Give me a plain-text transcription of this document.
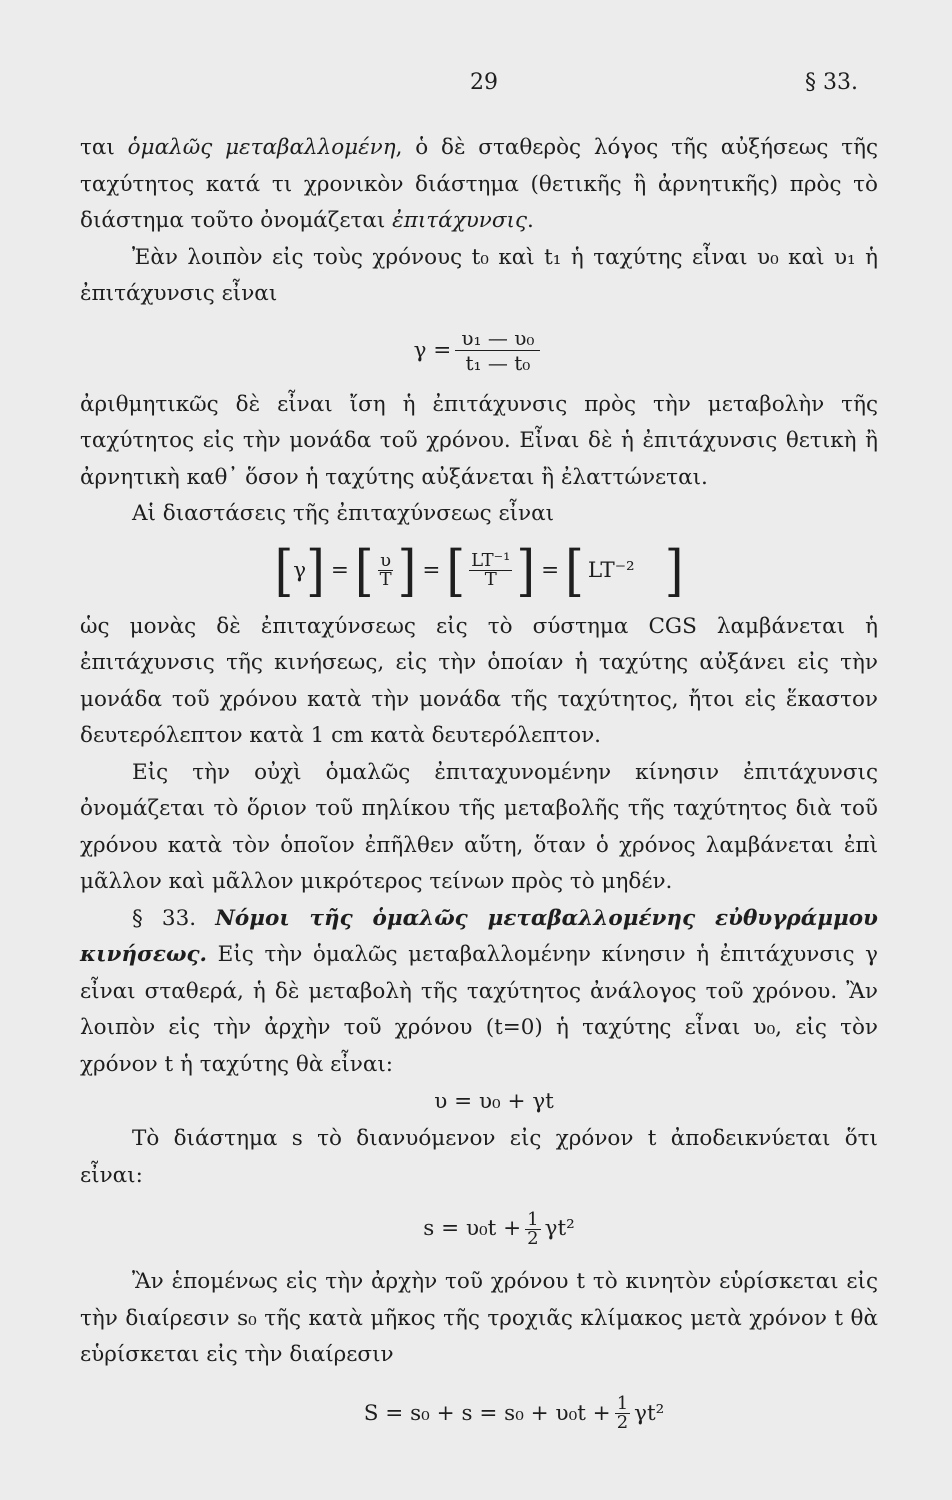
29	§ 33.

ται ὁμαλῶς μεταβαλλομένη, ὁ δὲ σταθερὸς λόγος τῆς αὐξήσεως τῆς ταχύτητος κατά τι χρονικὸν διάστημα (θετικῆς ἢ ἀρνητικῆς) πρὸς τὸ διάστημα τοῦτο ὀνομάζεται ἐπιτάχυνσις.

Ἐὰν λοιπὸν εἰς τοὺς χρόνους t₀ καὶ t₁ ἡ ταχύτης εἶναι υ₀ καὶ υ₁ ἡ ἐπιτάχυνσις εἶναι

$\gamma = \frac{\text{υ₁ — υ₀}}{\text{t₁ — t₀}}$

ἀριθμητικῶς δὲ εἶναι ἴση ἡ ἐπιτάχυνσις πρὸς τὴν μεταβολὴν τῆς ταχύτητος εἰς τὴν μονάδα τοῦ χρόνου. Εἶναι δὲ ἡ ἐπιτάχυνσις θετικὴ ἢ ἀρνητικὴ καθ᾽ ὅσον ἡ ταχύτης αὐξάνεται ἢ ἐλαττώνεται.

Αἱ διαστάσεις τῆς ἐπιταχύνσεως εἶναι

[ γ ] = [ $\frac{\upsilon}{T}$ ] = [ $\frac{\text{LT⁻¹}}{T}$ ] = [ LT⁻² ]

ὡς μονὰς δὲ ἐπιταχύνσεως εἰς τὸ σύστημα CGS λαμβάνεται ἡ ἐπιτάχυνσις τῆς κινήσεως, εἰς τὴν ὁποίαν ἡ ταχύτης αὐξάνει εἰς τὴν μονάδα τοῦ χρόνου κατὰ τὴν μονάδα τῆς ταχύτητος, ἤτοι εἰς ἕκαστον δευτερόλεπτον κατὰ 1 cm κατὰ δευτερόλεπτον.

Εἰς τὴν οὐχὶ ὁμαλῶς ἐπιταχυνομένην κίνησιν ἐπιτάχυνσις ὀνομάζεται τὸ ὅριον τοῦ πηλίκου τῆς μεταβολῆς τῆς ταχύτητος διὰ τοῦ χρόνου κατὰ τὸν ὁποῖον ἐπῆλθεν αὕτη, ὅταν ὁ χρόνος λαμβάνεται ἐπὶ μᾶλλον καὶ μᾶλλον μικρότερος τείνων πρὸς τὸ μηδέν.

§ 33. Νόμοι τῆς ὁμαλῶς μεταβαλλομένης εὐθυγράμμου κινήσεως. Εἰς τὴν ὁμαλῶς μεταβαλλομένην κίνησιν ἡ ἐπιτάχυνσις γ εἶναι σταθερά, ἡ δὲ μεταβολὴ τῆς ταχύτητος ἀνάλογος τοῦ χρόνου. Ἂν λοιπὸν εἰς τὴν ἀρχὴν τοῦ χρόνου (t=0) ἡ ταχύτης εἶναι υ₀, εἰς τὸν χρόνον t ἡ ταχύτης θὰ εἶναι:

υ = υ₀ + γt

Τὸ διάστημα s τὸ διανυόμενον εἰς χρόνον t ἀποδεικνύεται ὅτι εἶναι:

$s = \upsilon_0t + \frac{1}{2} \gamma t^2$

Ἂν ἑπομένως εἰς τὴν ἀρχὴν τοῦ χρόνου t τὸ κινητὸν εὑρίσκεται εἰς τὴν διαίρεσιν s₀ τῆς κατὰ μῆκος τῆς τροχιᾶς κλίμακος μετὰ χρόνον t θὰ εὑρίσκεται εἰς τὴν διαίρεσιν

$S = s_0 + s = s_0 + \upsilon_0t + \frac{1}{2} \gamma t^2$
